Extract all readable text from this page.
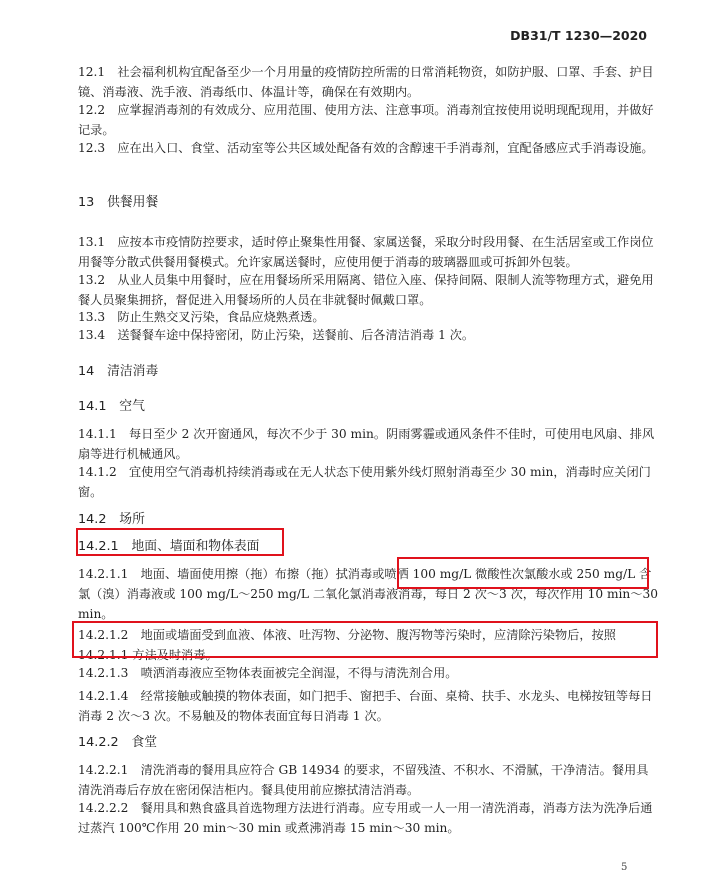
DB31/T 1230—2020
12.1　社会福利机构宜配备至少一个月用量的疫情防控所需的日常消耗物资，如防护服、口罩、手套、护目镜、消毒液、洗手液、消毒纸巾、体温计等，确保在有效期内。
12.2　应掌握消毒剂的有效成分、应用范围、使用方法、注意事项。消毒剂宜按使用说明现配现用，并做好记录。
12.3　应在出入口、食堂、活动室等公共区域处配备有效的含醇速干手消毒剂，宜配备感应式手消毒设施。
13　供餐用餐
13.1　应按本市疫情防控要求，适时停止聚集性用餐、家属送餐，采取分时段用餐、在生活居室或工作岗位用餐等分散式供餐用餐模式。允许家属送餐时，应使用便于消毒的玻璃器皿或可拆卸外包装。
13.2　从业人员集中用餐时，应在用餐场所采用隔离、错位入座、保持间隔、限制人流等物理方式，避免用餐人员聚集拥挤，督促进入用餐场所的人员在非就餐时佩戴口罩。
13.3　防止生熟交叉污染，食品应烧熟煮透。
13.4　送餐餐车途中保持密闭，防止污染，送餐前、后各清洁消毒 1 次。
14　清洁消毒
14.1　空气
14.1.1　每日至少 2 次开窗通风，每次不少于 30 min。阴雨雾霾或通风条件不佳时，可使用电风扇、排风扇等进行机械通风。
14.1.2　宜使用空气消毒机持续消毒或在无人状态下使用紫外线灯照射消毒至少 30 min，消毒时应关闭门窗。
14.2　场所
14.2.1　地面、墙面和物体表面
14.2.1.1　地面、墙面使用擦（拖）布擦（拖）拭消毒或喷洒 100 mg/L 微酸性次氯酸水或 250 mg/L 含氯（溴）消毒液或 100 mg/L～250 mg/L 二氧化氯消毒液消毒，每日 2 次～3 次，每次作用 10 min～30 min。
14.2.1.2　地面或墙面受到血液、体液、吐泻物、分泌物、腹泻物等污染时，应清除污染物后，按照 14.2.1.1 方法及时消毒。
14.2.1.3　喷洒消毒液应至物体表面被完全润湿，不得与清洗剂合用。
14.2.1.4　经常接触或触摸的物体表面，如门把手、窗把手、台面、桌椅、扶手、水龙头、电梯按钮等每日消毒 2 次～3 次。不易触及的物体表面宜每日消毒 1 次。
14.2.2　食堂
14.2.2.1　清洗消毒的餐用具应符合 GB 14934 的要求，不留残渣、不积水、不滑腻，干净清洁。餐用具清洗消毒后存放在密闭保洁柜内。餐具使用前应擦拭清洁消毒。
14.2.2.2　餐用具和熟食盛具首选物理方法进行消毒。应专用或一人一用一清洗消毒，消毒方法为洗净后通过蒸汽 100℃作用 20 min～30 min 或煮沸消毒 15 min～30 min。
5
